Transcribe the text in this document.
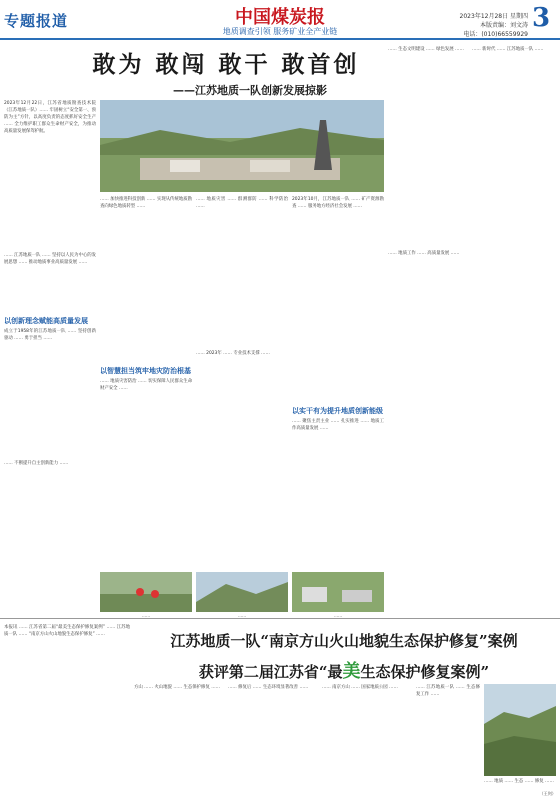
专题报道	中国煤炭报
地质调查引领 服务矿业全产业链
2023年12月28日 星期四
本版责编：刘文涛
电话：(010)66559929
3
敢为 敢闯 敢干 敢首创
——江苏地质一队创新发展掠影
2023年12月22日，江苏省地质勘查技术院（江苏地质一队）…… 牢固树立“安全第一、预防为主”方针，以高度负责的态度抓好安全生产 …… 全力维护职工群众生命财产安全，为推动高质量发展保驾护航。
…… 江苏地质一队 …… 坚持以人民为中心的发展思想 …… 推动地质事业高质量发展 ……
以创新理念赋能高质量发展
成立于1958年的江苏地质一队 …… 坚持创新驱动 …… 勇于担当 ……
…… 不断提升自主创新能力 ……
…… 加快推进科技创新 …… 实现从传统地质勘查向绿色地质转型 ……
以智慧担当筑牢地灾防治根基
…… 地质灾害防治 …… 切实保障人民群众生命财产安全 ……
…… 地质灾害 …… 群测群防 …… 科学防治 ……
…… 2023年 …… 专业技术支撑 ……
2023年10月，江苏地质一队 …… 矿产资源勘查 …… 服务地方经济社会发展 ……
以实干有为提升地质创新能级
…… 聚焦主责主业 …… 扎实推进 …… 地质工作高质量发展 ……
…… 生态文明建设 …… 绿色发展 ……	…… 新时代 …… 江苏地质一队 ……
…… 地质工作 …… 高质量发展 ……
……	……	……
本报讯 …… 江苏省第二届“最美生态保护修复案例” …… 江苏地质一队 …… “南京方山火山地貌生态保护修复” ……	江苏地质一队“南京方山火山地貌生态保护修复”案例
获评第二届江苏省“最美生态保护修复案例”
方山 …… 火山地貌 …… 生态保护修复 ……	…… 修复后 …… 生态环境显著改善 ……	…… 南京方山 …… 国家地质公园 ……	…… 江苏地质一队 …… 生态修复工作 ……
…… 地质 …… 生态 …… 修复 ……
（王剑）
